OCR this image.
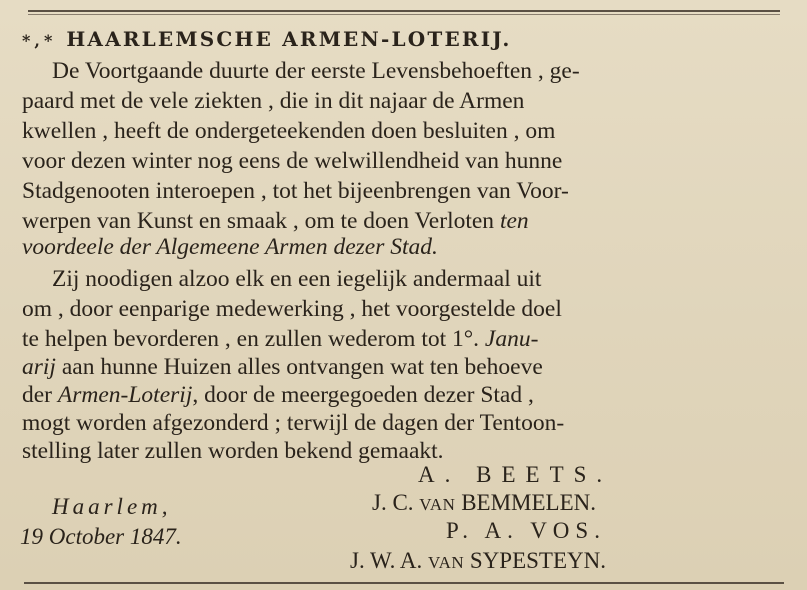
*,* HAARLEMSCHE ARMEN-LOTERIJ.
De Voortgaande duurte der eerste Levensbehoeften , ge-
paard met de vele ziekten , die in dit najaar de Armen
kwellen , heeft de ondergeteekenden doen besluiten , om
voor dezen winter nog eens de welwillendheid van hunne
Stadgenooten interoepen , tot het bijeenbrengen van Voor-
werpen van Kunst en smaak , om te doen Verloten ten
voordeele der Algemeene Armen dezer Stad.
Zij noodigen alzoo elk en een iegelijk andermaal uit
om , door eenparige medewerking , het voorgestelde doel
te helpen bevorderen , en zullen wederom tot 1°. Janu-
arij aan hunne Huizen alles ontvangen wat ten behoeve
der Armen-Loterij, door de meergegoeden dezer Stad ,
mogt worden afgezonderd ; terwijl de dagen der Tentoon-
stelling later zullen worden bekend gemaakt.
A. BEETS.
Haarlem,	J. C. VAN BEMMELEN.
19 October 1847.	P. A. VOS.
J. W. A. VAN SYPESTEYN.
